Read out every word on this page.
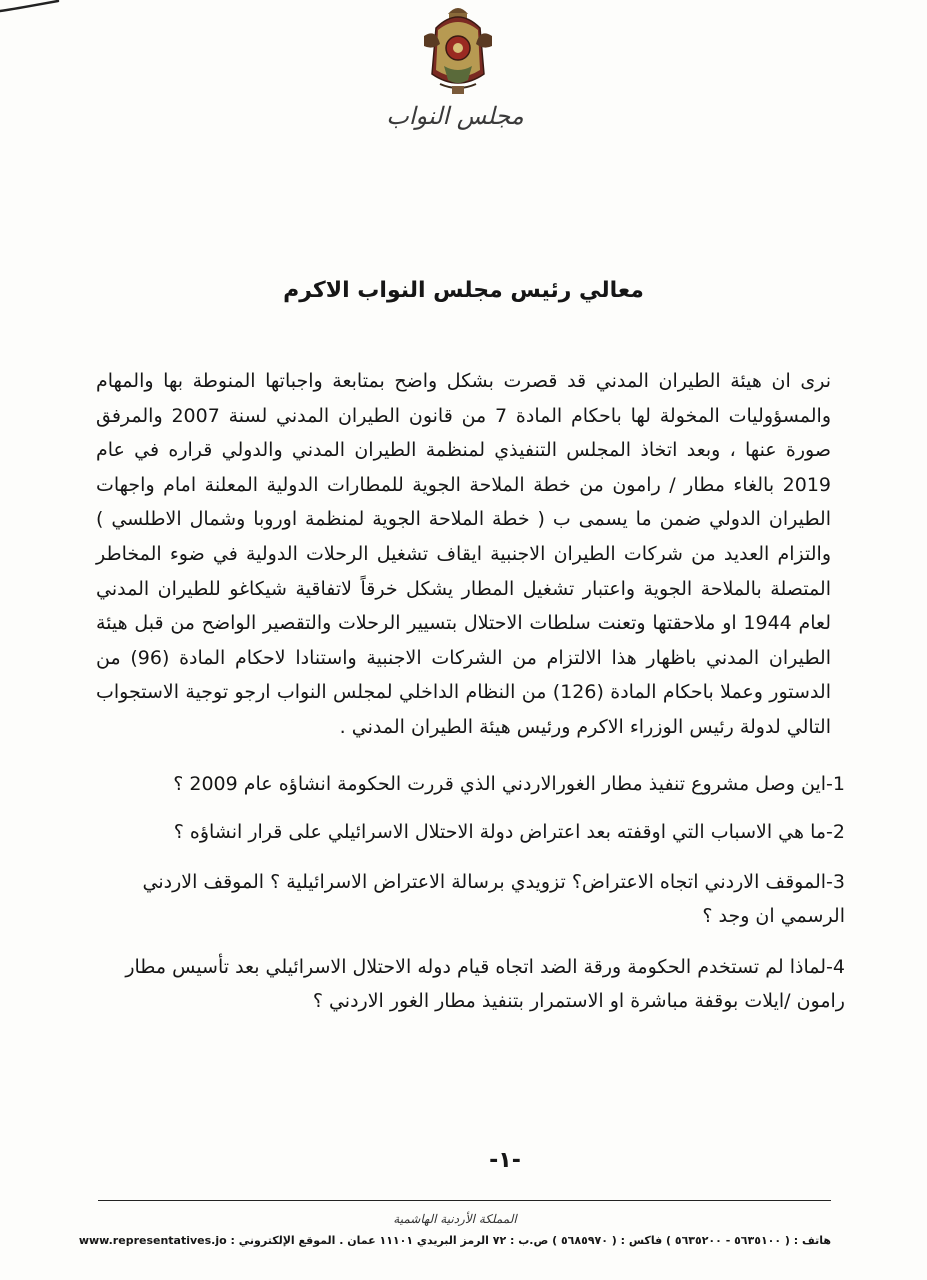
مجلس النواب
معالي رئيس مجلس النواب الاكرم
نرى ان هيئة الطيران المدني قد قصرت بشكل واضح بمتابعة واجباتها المنوطة بها والمهام والمسؤوليات المخولة لها باحكام المادة 7 من قانون الطيران المدني لسنة 2007 والمرفق صورة عنها ، وبعد اتخاذ المجلس التنفيذي لمنظمة الطيران المدني والدولي قراره في عام 2019 بالغاء مطار / رامون من خطة الملاحة الجوية للمطارات الدولية المعلنة امام واجهات الطيران الدولي ضمن ما يسمى ب ( خطة الملاحة الجوية لمنظمة اوروبا وشمال الاطلسي ) والتزام العديد من شركات الطيران الاجنبية ايقاف تشغيل الرحلات الدولية في ضوء المخاطر المتصلة بالملاحة الجوية واعتبار تشغيل المطار يشكل خرقاً لاتفاقية شيكاغو للطيران المدني لعام 1944 او ملاحقتها وتعنت سلطات الاحتلال بتسيير الرحلات والتقصير الواضح من قبل هيئة الطيران المدني باظهار هذا الالتزام من الشركات الاجنبية واستنادا لاحكام المادة (96) من الدستور وعملا باحكام المادة (126) من النظام الداخلي لمجلس النواب ارجو توجية الاستجواب التالي لدولة رئيس الوزراء الاكرم ورئيس هيئة الطيران المدني .
1-اين وصل مشروع تنفيذ مطار الغورالاردني الذي قررت الحكومة انشاؤه عام 2009 ؟
2-ما هي الاسباب التي اوقفته بعد اعتراض دولة الاحتلال الاسرائيلي على قرار انشاؤه ؟
3-الموقف الاردني اتجاه الاعتراض؟ تزويدي برسالة الاعتراض الاسرائيلية ؟ الموقف الاردني الرسمي ان وجد ؟
4-لماذا لم تستخدم الحكومة ورقة الضد اتجاه قيام دوله الاحتلال الاسرائيلي بعد تأسيس مطار رامون /ايلات بوقفة مباشرة او الاستمرار بتنفيذ مطار الغور الاردني ؟
-١-
المملكة الأردنية الهاشمية
هاتف : ( ٥٦٣٥١٠٠ - ٥٦٣٥٢٠٠ ) فاكس : ( ٥٦٨٥٩٧٠ ) ص.ب : ٧٢ الرمز البريدي ١١١٠١ عمان . الموقع الإلكتروني : www.representatives.jo
